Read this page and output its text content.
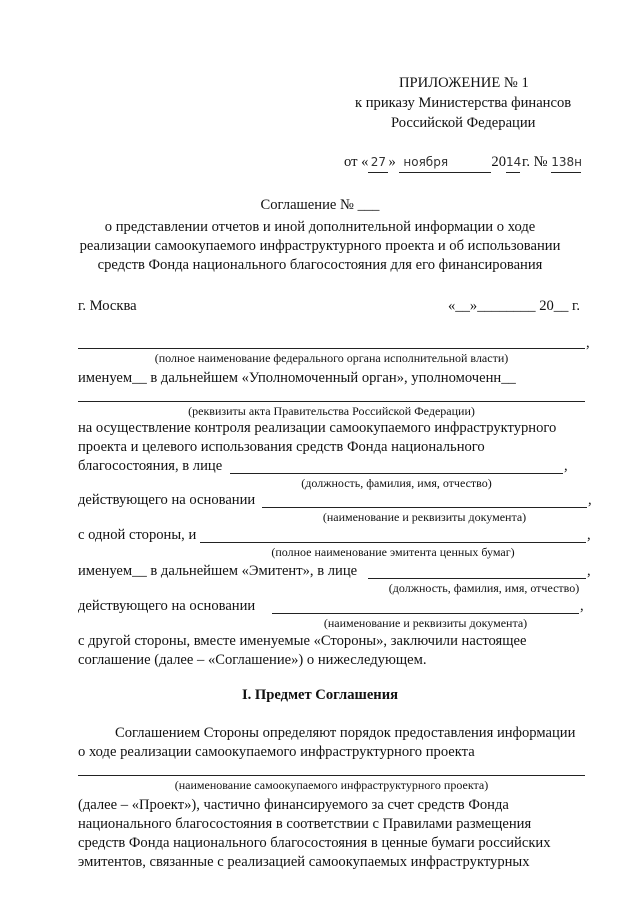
ПРИЛОЖЕНИЕ № 1
к приказу Министерства финансов
Российской Федерации
от « 27 » ноября	2014г. № 138н
Соглашение № ___
о представлении отчетов и иной дополнительной информации о ходе
реализации самоокупаемого инфраструктурного проекта и об использовании
средств Фонда национального благосостояния для его финансирования
г. Москва	«__»________ 20__ г.
,
(полное наименование федерального органа исполнительной власти)
именуем__ в дальнейшем «Уполномоченный орган», уполномоченн__
(реквизиты акта Правительства Российской Федерации)
на осуществление контроля реализации самоокупаемого инфраструктурного
проекта и целевого использования средств Фонда национального
благосостояния, в лице	,
(должность, фамилия, имя, отчество)
действующего на основании	,
(наименование и реквизиты документа)
с одной стороны, и	,
(полное наименование эмитента ценных бумаг)
именуем__ в дальнейшем «Эмитент», в лице	,
(должность, фамилия, имя, отчество)
действующего на основании	,
(наименование и реквизиты документа)
с другой стороны, вместе именуемые «Стороны», заключили настоящее
соглашение (далее – «Соглашение») о нижеследующем.
I. Предмет Соглашения
Соглашением Стороны определяют порядок предоставления информации
о ходе реализации самоокупаемого инфраструктурного проекта
(наименование самоокупаемого инфраструктурного проекта)
(далее – «Проект»), частично финансируемого за счет средств Фонда
национального благосостояния в соответствии с Правилами размещения
средств Фонда национального благосостояния в ценные бумаги российских
эмитентов, связанные с реализацией самоокупаемых инфраструктурных
